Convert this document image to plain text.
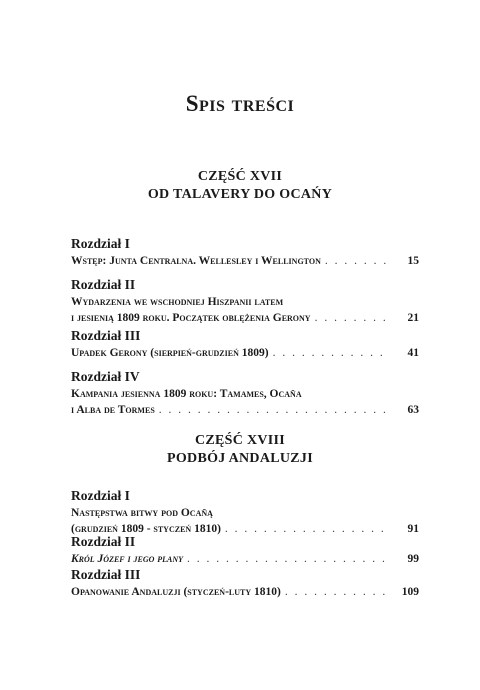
Spis treści
CZĘŚĆ XVII
OD TALAVERY DO OCAŃY
Rozdział I
Wstęp: Junta Centralna. Wellesley i Wellington . . .	15
Rozdział II
Wydarzenia we wschodniej Hiszpanii latem
i jesienią 1809 roku. Początek oblężenia Gerony . . .	21
Rozdział III
Upadek Gerony (sierpień-grudzień 1809) . . .	41
Rozdział IV
Kampania jesienna 1809 roku: Tamames, Ocaña
i Alba de Tormes . . .	63
CZĘŚĆ XVIII
PODBÓJ ANDALUZJI
Rozdział I
Następstwa bitwy pod Ocañą
(grudzień 1809 - styczeń 1810) . . .	91
Rozdział II
Król Józef i jego plany . . .	99
Rozdział III
Opanowanie Andaluzji (styczeń-luty 1810) . . .	109
